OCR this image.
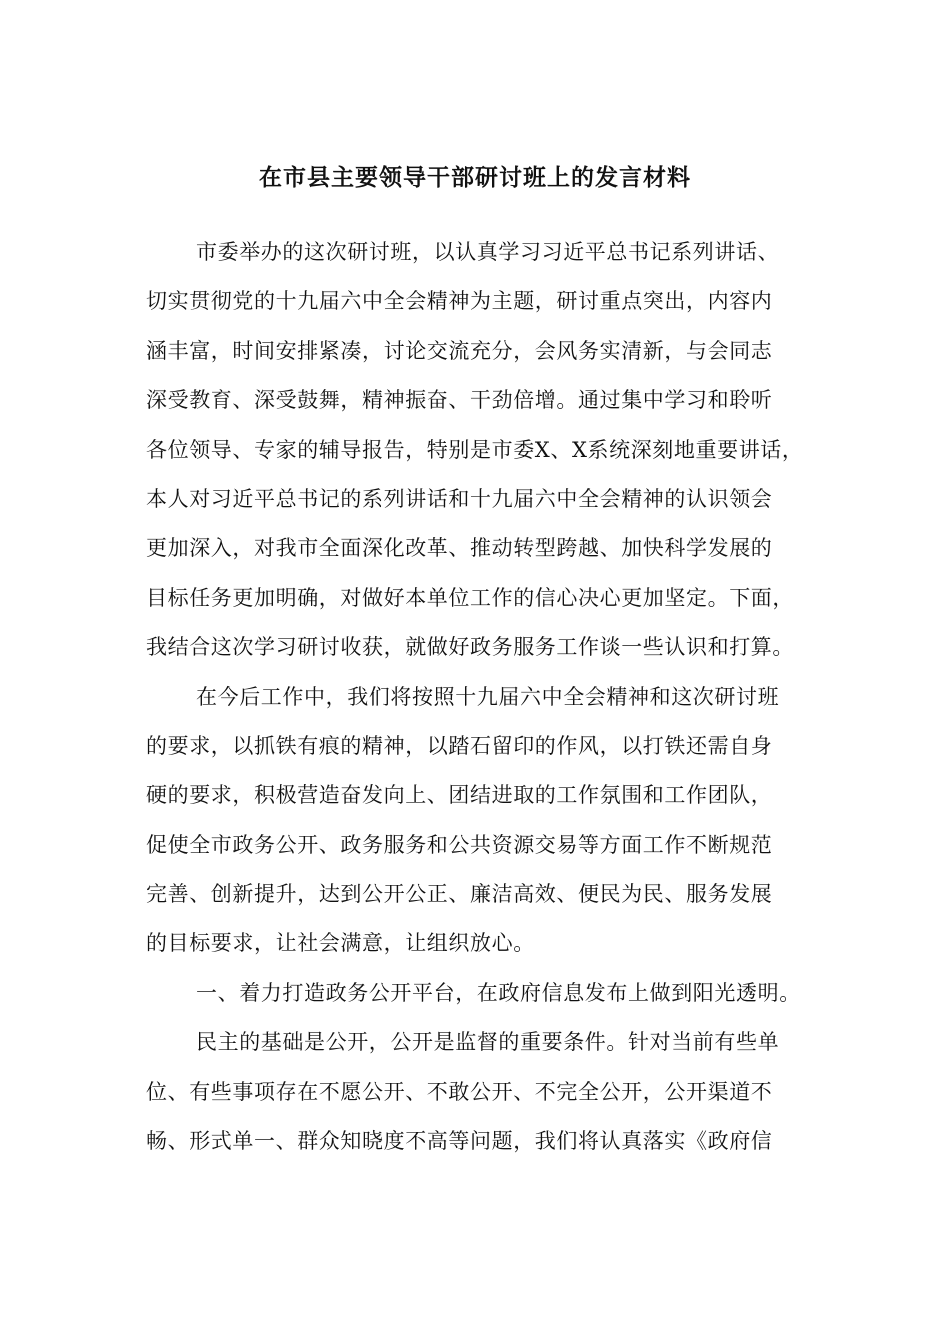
在市县主要领导干部研讨班上的发言材料
市委举办的这次研讨班，以认真学习习近平总书记系列讲话、
切实贯彻党的十九届六中全会精神为主题，研讨重点突出，内容内
涵丰富，时间安排紧凑，讨论交流充分，会风务实清新，与会同志
深受教育、深受鼓舞，精神振奋、干劲倍增。通过集中学习和聆听
各位领导、专家的辅导报告，特别是市委X、X系统深刻地重要讲话，
本人对习近平总书记的系列讲话和十九届六中全会精神的认识领会
更加深入，对我市全面深化改革、推动转型跨越、加快科学发展的
目标任务更加明确，对做好本单位工作的信心决心更加坚定。下面，
我结合这次学习研讨收获，就做好政务服务工作谈一些认识和打算。
在今后工作中，我们将按照十九届六中全会精神和这次研讨班
的要求，以抓铁有痕的精神，以踏石留印的作风，以打铁还需自身
硬的要求，积极营造奋发向上、团结进取的工作氛围和工作团队，
促使全市政务公开、政务服务和公共资源交易等方面工作不断规范
完善、创新提升，达到公开公正、廉洁高效、便民为民、服务发展
的目标要求，让社会满意，让组织放心。
一、着力打造政务公开平台，在政府信息发布上做到阳光透明。
民主的基础是公开，公开是监督的重要条件。针对当前有些单
位、有些事项存在不愿公开、不敢公开、不完全公开，公开渠道不
畅、形式单一、群众知晓度不高等问题，我们将认真落实《政府信
